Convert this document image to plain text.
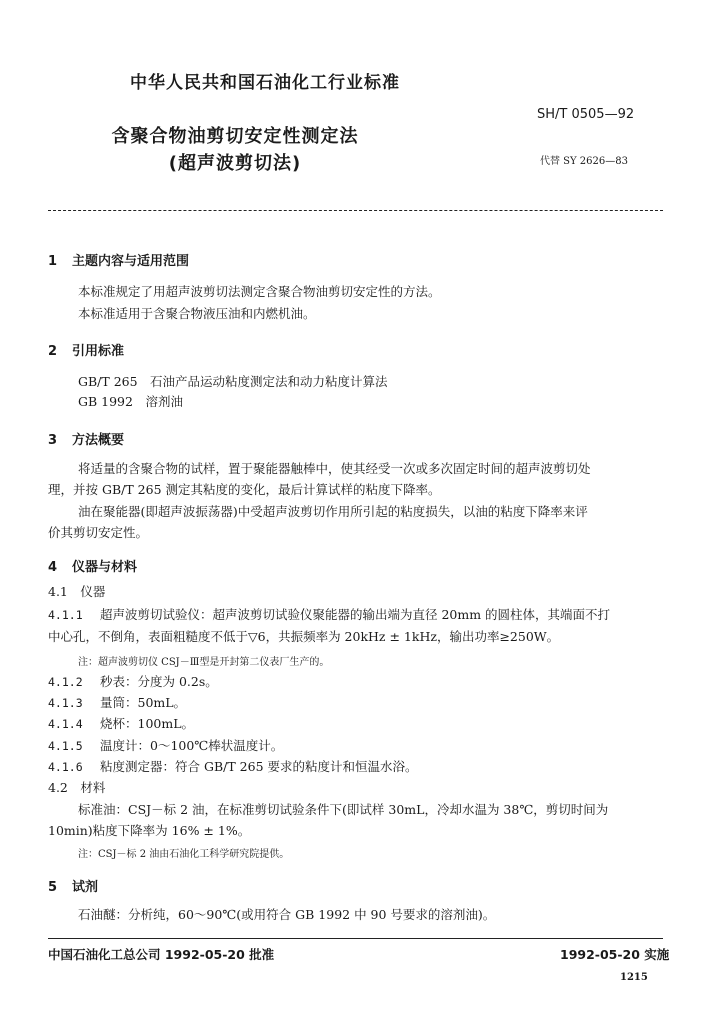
中华人民共和国石油化工行业标准
SH/T 0505—92
含聚合物油剪切安定性测定法
(超声波剪切法)	代替 SY 2626—83
1 主题内容与适用范围
本标准规定了用超声波剪切法测定含聚合物油剪切安定性的方法。
本标准适用于含聚合物液压油和内燃机油。
2 引用标准
GB/T 265　石油产品运动粘度测定法和动力粘度计算法
GB 1992　溶剂油
3 方法概要
将适量的含聚合物的试样，置于聚能器触棒中，使其经受一次或多次固定时间的超声波剪切处
理，并按 GB/T 265 测定其粘度的变化，最后计算试样的粘度下降率。
油在聚能器(即超声波振荡器)中受超声波剪切作用所引起的粘度损失，以油的粘度下降率来评
价其剪切安定性。
4 仪器与材料
4.1　仪器
4.1.1 超声波剪切试验仪：超声波剪切试验仪聚能器的输出端为直径 20mm 的圆柱体，其端面不打
中心孔，不倒角，表面粗糙度不低于▽6，共振频率为 20kHz ± 1kHz，输出功率≥250W。
注：超声波剪切仪 CSJ－Ⅲ型是开封第二仪表厂生产的。
4.1.2 秒表：分度为 0.2s。
4.1.3 量筒：50mL。
4.1.4 烧杯：100mL。
4.1.5 温度计：0～100℃棒状温度计。
4.1.6 粘度测定器：符合 GB/T 265 要求的粘度计和恒温水浴。
4.2　材料
标准油：CSJ－标 2 油，在标准剪切试验条件下(即试样 30mL，冷却水温为 38℃，剪切时间为
10min)粘度下降率为 16% ± 1%。
注：CSJ－标 2 油由石油化工科学研究院提供。
5 试剂
石油醚：分析纯，60～90℃(或用符合 GB 1992 中 90 号要求的溶剂油)。
中国石油化工总公司 1992-05-20 批准	1992-05-20 实施
1215
